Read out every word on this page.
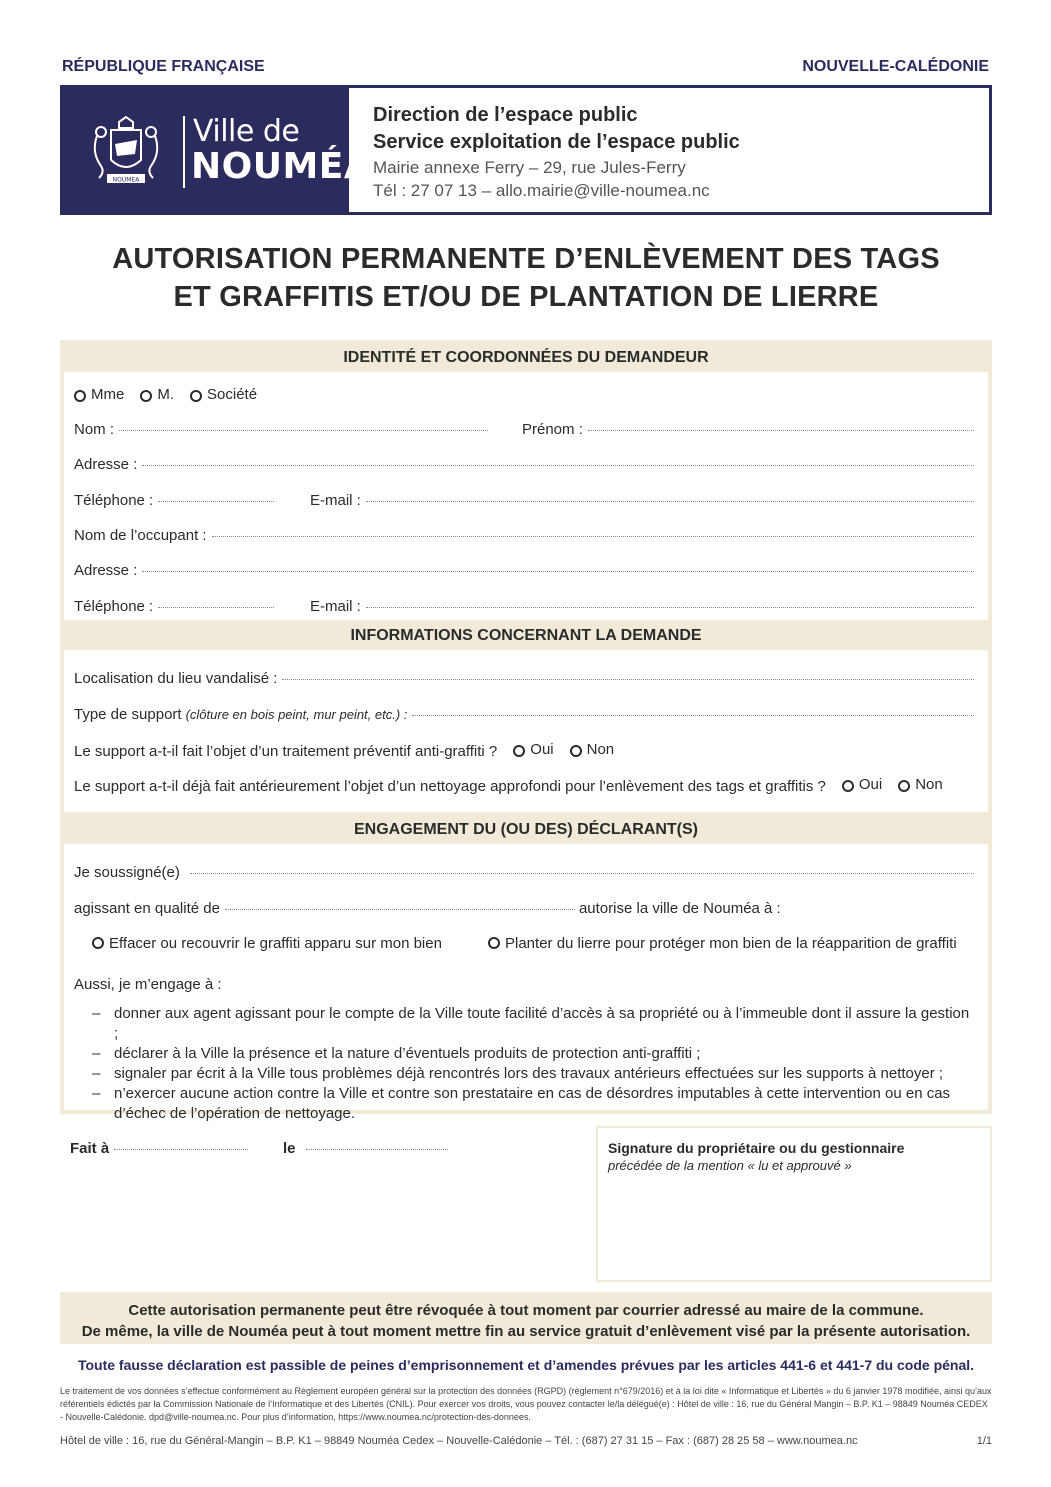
RÉPUBLIQUE FRANÇAISE	NOUVELLE-CALÉDONIE
NOUMEA
Ville de
NOUMÉA
Direction de l’espace public
Service exploitation de l’espace public
Mairie annexe Ferry – 29, rue Jules-Ferry
Tél : 27 07 13 – allo.mairie@ville-noumea.nc
AUTORISATION PERMANENTE D’ENLÈVEMENT DES TAGS
ET GRAFFITIS ET/OU DE PLANTATION DE LIERRE
IDENTITÉ ET COORDONNÉES DU DEMANDEUR
Mme M. Société
Nom :	Prénom :
Adresse :
Téléphone :	E-mail :
Nom de l’occupant :
Adresse :
Téléphone :	E-mail :
INFORMATIONS CONCERNANT LA DEMANDE
Localisation du lieu vandalisé :
Type de support (clôture en bois peint, mur peint, etc.) :
Le support a-t-il fait l’objet d’un traitement préventif anti-graffiti ? Oui Non
Le support a-t-il déjà fait antérieurement l’objet d’un nettoyage approfondi pour l’enlèvement des tags et graffitis ? Oui Non
ENGAGEMENT DU (OU DES) DÉCLARANT(S)
Je soussigné(e)
agissant en qualité de	autorise la ville de Nouméa à :
Effacer ou recouvrir le graffiti apparu sur mon bien	Planter du lierre pour protéger mon bien de la réapparition de graffiti
Aussi, je m’engage à :
– donner aux agent agissant pour le compte de la Ville toute facilité d’accès à sa propriété ou à l’immeuble dont il assure la gestion ;
– déclarer à la Ville la présence et la nature d’éventuels produits de protection anti-graffiti ;
– signaler par écrit à la Ville tous problèmes déjà rencontrés lors des travaux antérieurs effectuées sur les supports à nettoyer ;
– n’exercer aucune action contre la Ville et contre son prestataire en cas de désordres imputables à cette intervention ou en cas d’échec de l’opération de nettoyage.
Fait à	le	Signature du propriétaire ou du gestionnaire
précédée de la mention « lu et approuvé »
Cette autorisation permanente peut être révoquée à tout moment par courrier adressé au maire de la commune.
De même, la ville de Nouméa peut à tout moment mettre fin au service gratuit d’enlèvement visé par la présente autorisation.
Toute fausse déclaration est passible de peines d’emprisonnement et d’amendes prévues par les articles 441-6 et 441-7 du code pénal.
Le traitement de vos données s’effectue conformément au Règlement européen général sur la protection des données (RGPD) (règlement n°679/2016) et à la loi dite « Informatique et Libertés » du 6 janvier 1978 modifiée, ainsi qu’aux référentiels édictés par la Commission Nationale de l’Informatique et des Libertés (CNIL). Pour exercer vos droits, vous pouvez contacter le/la délégué(e) : Hôtel de ville : 16, rue du Général Mangin – B.P. K1 – 98849 Nouméa CEDEX - Nouvelle-Calédonie. dpd@ville-noumea.nc. Pour plus d’information, https://www.noumea.nc/protection-des-donnees.
Hôtel de ville : 16, rue du Général-Mangin – B.P. K1 – 98849 Nouméa Cedex – Nouvelle-Calédonie – Tél. : (687) 27 31 15 – Fax : (687) 28 25 58 – www.noumea.nc	1/1
